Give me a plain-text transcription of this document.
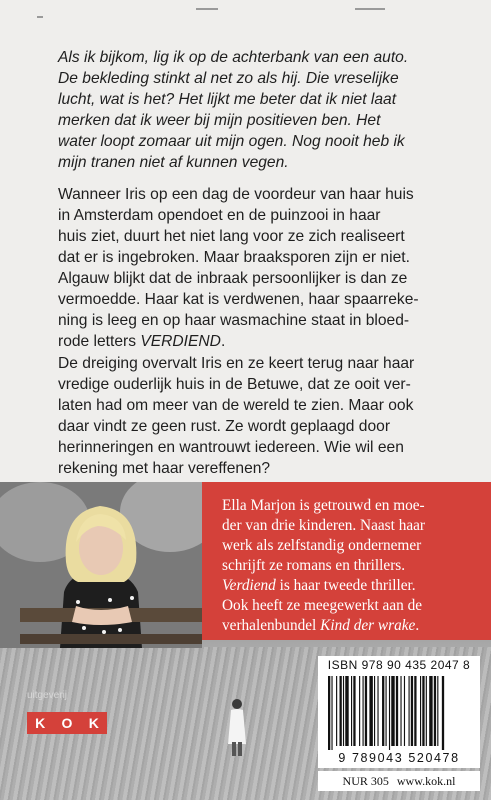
Als ik bijkom, lig ik op de achterbank van een auto.
De bekleding stinkt al net zo als hij. Die vreselijke
lucht, wat is het? Het lijkt me beter dat ik niet laat
merken dat ik weer bij mijn positieven ben. Het
water loopt zomaar uit mijn ogen. Nog nooit heb ik
mijn tranen niet af kunnen vegen.

Wanneer Iris op een dag de voordeur van haar huis
in Amsterdam opendoet en de puinzooi in haar
huis ziet, duurt het niet lang voor ze zich realiseert
dat er is ingebroken. Maar braaksporen zijn er niet.
Algauw blijkt dat de inbraak persoonlijker is dan ze
vermoedde. Haar kat is verdwenen, haar spaarreke-
ning is leeg en op haar wasmachine staat in bloed-
rode letters VERDIEND.

De dreiging overvalt Iris en ze keert terug naar haar
vredige ouderlijk huis in de Betuwe, dat ze ooit ver-
laten had om meer van de wereld te zien. Maar ook
daar vindt ze geen rust. Ze wordt geplaagd door
herinneringen en wantrouwt iedereen. Wie wil een
rekening met haar vereffenen?

Ella Marjon is getrouwd en moe-
der van drie kinderen. Naast haar
werk als zelfstandig ondernemer
schrijft ze romans en thrillers.
Verdiend is haar tweede thriller.
Ook heeft ze meegewerkt aan de
verhalenbundel Kind der wrake.

uitgeverij
K O K
ISBN 978 90 435 2047 8
9 789043 520478
NUR 305 www.kok.nl
